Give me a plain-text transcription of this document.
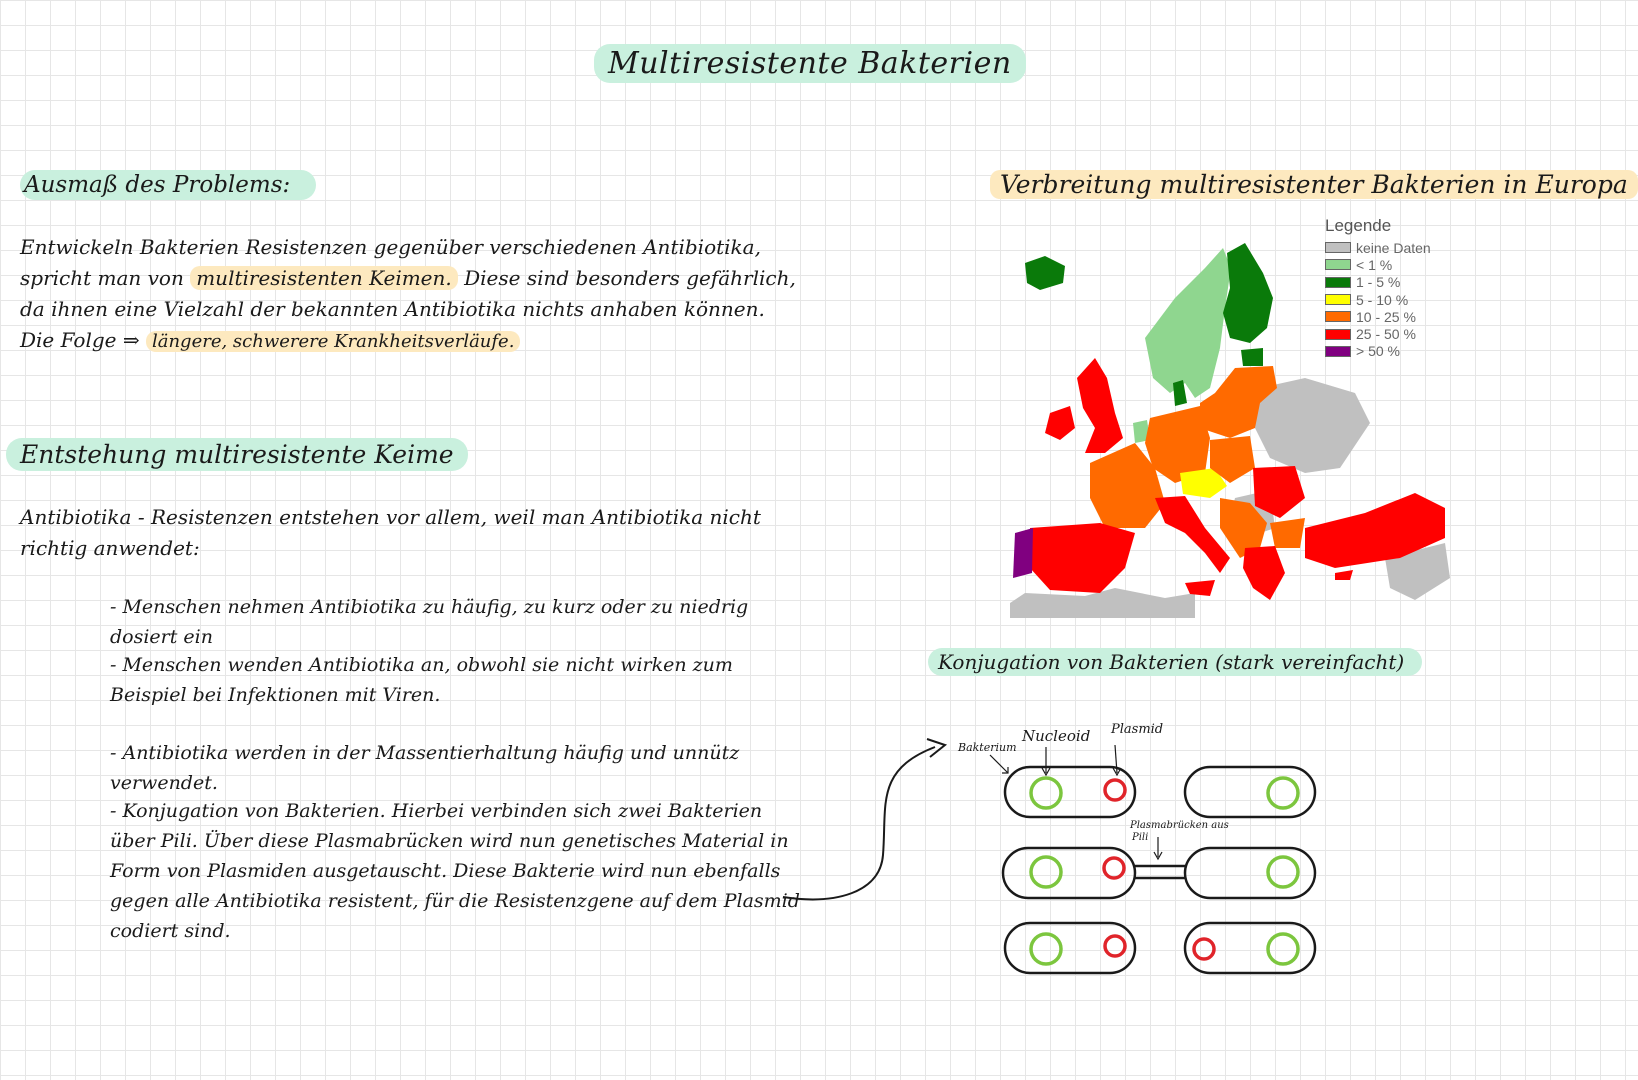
Multiresistente Bakterien
Ausmaß des Problems:

Entwickeln Bakterien Resistenzen gegenüber verschiedenen Antibiotika,

spricht man von multiresistenten Keimen. Diese sind besonders gefährlich,

da ihnen eine Vielzahl der bekannten Antibiotika nichts anhaben können.

Die Folge ⇒ längere, schwerere Krankheitsverläufe.

Entstehung multiresistente Keime
Antibiotika - Resistenzen entstehen vor allem, weil man Antibiotika nicht richtig anwendet:

- Menschen nehmen Antibiotika zu häufig, zu kurz oder zu niedrig dosiert ein

- Menschen wenden Antibiotika an, obwohl sie nicht wirken zum Beispiel bei Infektionen mit Viren.

- Antibiotika werden in der Massentierhaltung häufig und unnütz verwendet.

- Konjugation von Bakterien. Hierbei verbinden sich zwei Bakterien über Pili. Über diese Plasmabrücken wird nun genetisches Material in Form von Plasmiden ausgetauscht. Diese Bakterie wird nun ebenfalls gegen alle Antibiotika resistent, für die Resistenzgene auf dem Plasmid codiert sind.

Verbreitung multiresistenter Bakterien in Europa
Legende
keine Daten
< 1 %
1 - 5 %
5 - 10 %
10 - 25 %
25 - 50 %
> 50 %
Konjugation von Bakterien (stark vereinfacht)
Bakterium
Nucleoid Plasmid
Plasmabrücken aus
Pili
